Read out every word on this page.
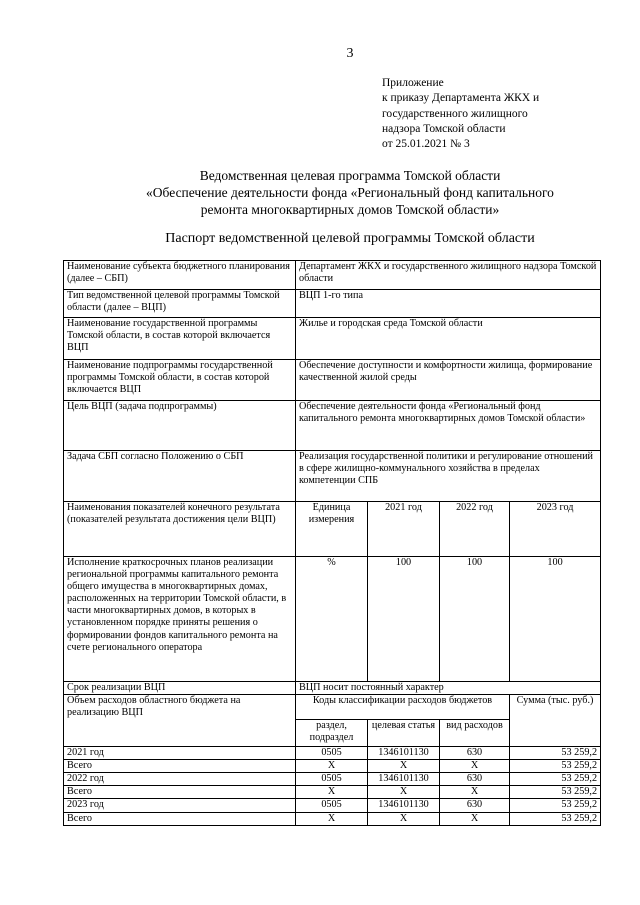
3
Приложение
к приказу Департамента ЖКХ и
государственного жилищного
надзора Томской области
от 25.01.2021 № 3
Ведомственная целевая программа Томской области
«Обеспечение деятельности фонда «Региональный фонд капитального
ремонта многоквартирных домов Томской области»
Паспорт ведомственной целевой программы Томской области
Наименование субъекта бюджетного планирования (далее – СБП)	Департамент ЖКХ и государственного жилищного надзора Томской области			
Тип ведомственной целевой программы Томской области (далее – ВЦП)	ВЦП 1-го типа			
Наименование государственной программы Томской области, в состав которой включается ВЦП	Жилье и городская среда Томской области			
Наименование подпрограммы государственной программы Томской области, в состав которой включается ВЦП	Обеспечение доступности и комфортности жилища, формирование качественной жилой среды			
Цель ВЦП (задача подпрограммы)	Обеспечение деятельности фонда «Региональный фонд капитального ремонта многоквартирных домов Томской области»			
Задача СБП согласно Положению о СБП	Реализация государственной политики и регулирование отношений в сфере жилищно-коммунального хозяйства в пределах компетенции СПБ			
Наименования показателей конечного результата (показателей результата достижения цели ВЦП)	Единица измерения	2021 год	2022 год	2023 год
Исполнение краткосрочных планов реализации региональной программы капитального ремонта общего имущества в многоквартирных домах, расположенных на территории Томской области, в части многоквартирных домов, в которых в установленном порядке приняты решения о формировании фондов капитального ремонта на счете регионального оператора	%	100	100	100
Срок реализации ВЦП	ВЦП носит постоянный характер			
Объем расходов областного бюджета на реализацию ВЦП	Коды классификации расходов бюджетов			Сумма (тыс. руб.)
	раздел, подраздел	целевая статья	вид расходов	
2021 год	0505	1346101130	630	53 259,2
Всего	X	X	X	53 259,2
2022 год	0505	1346101130	630	53 259,2
Всего	X	X	X	53 259,2
2023 год	0505	1346101130	630	53 259,2
Всего	X	X	X	53 259,2
